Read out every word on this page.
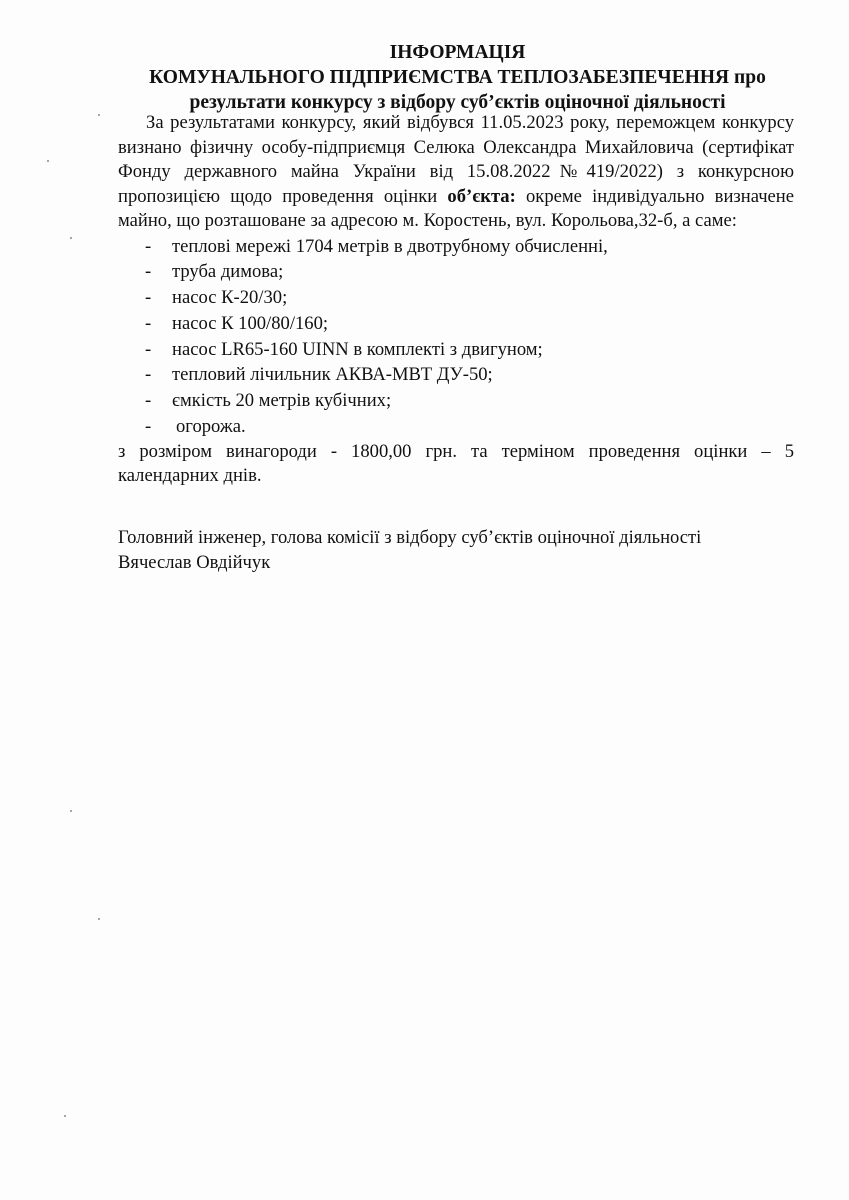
ІНФОРМАЦІЯ
КОМУНАЛЬНОГО ПІДПРИЄМСТВА ТЕПЛОЗАБЕЗПЕЧЕННЯ про
результати конкурсу з відбору суб’єктів оціночної діяльності

За результатами конкурсу, який відбувся 11.05.2023 року, переможцем конкурсу визнано фізичну особу-підприємця Селюка Олександра Михайловича (сертифікат Фонду державного майна України від 15.08.2022№419/2022) з конкурсною пропозицією щодо проведення оцінки об’єкта: окреме індивідуально визначене майно, що розташоване за адресою м. Коростень, вул. Корольова,32-б, а саме:

- теплові мережі 1704 метрів в двотрубному обчисленні,
- труба димова;
- насос К-20/30;
- насос К 100/80/160;
- насос LR65-160 UINN в комплекті з двигуном;
- тепловий лічильник АКВА-МВТ ДУ-50;
- ємкість 20 метрів кубічних;
- огорожа.

з розміром винагороди - 1800,00 грн. та терміном проведення оцінки – 5 календарних днів.

Головний інженер, голова комісії з відбору суб’єктів оціночної діяльності
Вячеслав Овдійчук
